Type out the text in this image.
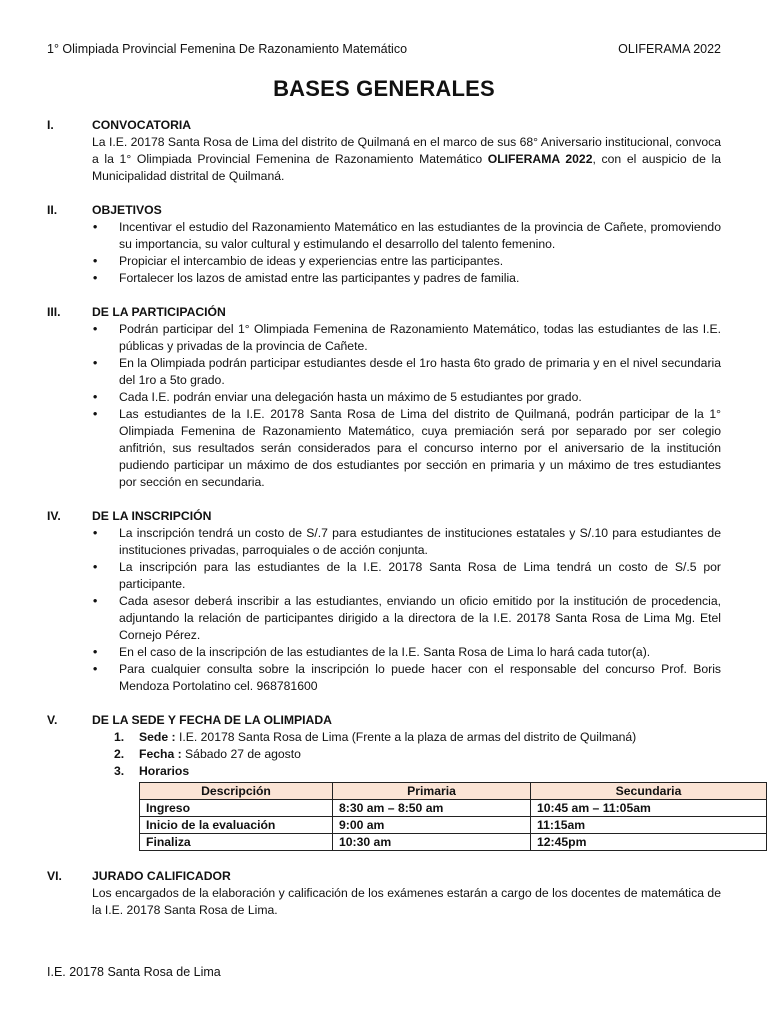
1° Olimpiada Provincial Femenina De Razonamiento Matemático	OLIFERAMA 2022
BASES GENERALES
I.	CONVOCATORIA
La I.E. 20178 Santa Rosa de Lima del distrito de Quilmaná en el marco de sus 68° Aniversario institucional, convoca a la 1° Olimpiada Provincial Femenina de Razonamiento Matemático OLIFERAMA 2022, con el auspicio de la Municipalidad distrital de Quilmaná.
II.	OBJETIVOS
• Incentivar el estudio del Razonamiento Matemático en las estudiantes de la provincia de Cañete, promoviendo su importancia, su valor cultural y estimulando el desarrollo del talento femenino.
• Propiciar el intercambio de ideas y experiencias entre las participantes.
• Fortalecer los lazos de amistad entre las participantes y padres de familia.
III.	DE LA PARTICIPACIÓN
• Podrán participar del 1° Olimpiada Femenina de Razonamiento Matemático, todas las estudiantes de las I.E. públicas y privadas de la provincia de Cañete.
• En la Olimpiada podrán participar estudiantes desde el 1ro hasta 6to grado de primaria y en el nivel secundaria del 1ro a 5to grado.
• Cada I.E. podrán enviar una delegación hasta un máximo de 5 estudiantes por grado.
• Las estudiantes de la I.E. 20178 Santa Rosa de Lima del distrito de Quilmaná, podrán participar de la 1° Olimpiada Femenina de Razonamiento Matemático, cuya premiación será por separado por ser colegio anfitrión, sus resultados serán considerados para el concurso interno por el aniversario de la institución pudiendo participar un máximo de dos estudiantes por sección en primaria y un máximo de tres estudiantes por sección en secundaria.
IV.	DE LA INSCRIPCIÓN
• La inscripción tendrá un costo de S/.7 para estudiantes de instituciones estatales y S/.10 para estudiantes de instituciones privadas, parroquiales o de acción conjunta.
• La inscripción para las estudiantes de la I.E. 20178 Santa Rosa de Lima tendrá un costo de S/.5 por participante.
• Cada asesor deberá inscribir a las estudiantes, enviando un oficio emitido por la institución de procedencia, adjuntando la relación de participantes dirigido a la directora de la I.E. 20178 Santa Rosa de Lima Mg. Etel Cornejo Pérez.
• En el caso de la inscripción de las estudiantes de la I.E. Santa Rosa de Lima lo hará cada tutor(a).
• Para cualquier consulta sobre la inscripción lo puede hacer con el responsable del concurso Prof. Boris Mendoza Portolatino cel. 968781600
V.	DE LA SEDE Y FECHA DE LA OLIMPIADA
1. Sede : I.E. 20178 Santa Rosa de Lima (Frente a la plaza de armas del distrito de Quilmaná)
2. Fecha : Sábado 27 de agosto
3. Horarios
Descripción	Primaria	Secundaria
Ingreso	8:30 am – 8:50 am	10:45 am – 11:05am
Inicio de la evaluación	9:00 am	11:15am
Finaliza	10:30 am	12:45pm
VI.	JURADO CALIFICADOR
Los encargados de la elaboración y calificación de los exámenes estarán a cargo de los docentes de matemática de la I.E. 20178 Santa Rosa de Lima.
I.E. 20178 Santa Rosa de Lima
